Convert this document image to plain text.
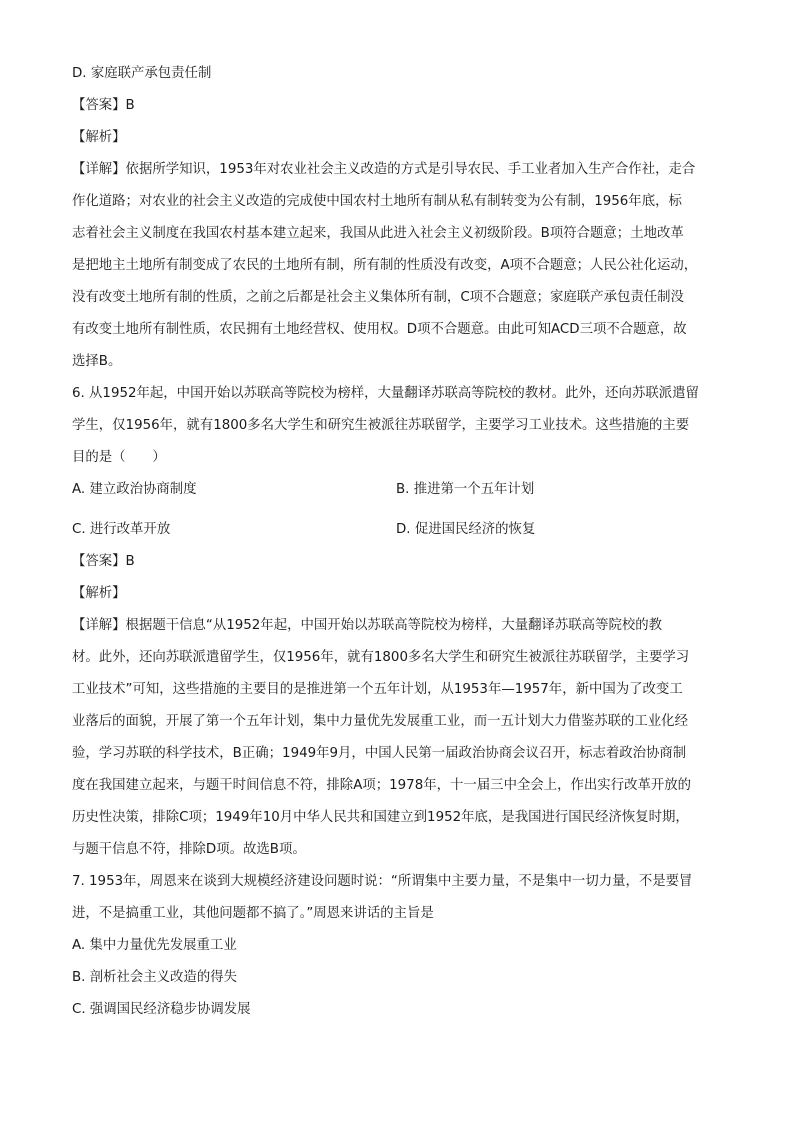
D. 家庭联产承包责任制
【答案】B
【解析】
【详解】依据所学知识，1953年对农业社会主义改造的方式是引导农民、手工业者加入生产合作社，走合
作化道路；对农业的社会主义改造的完成使中国农村土地所有制从私有制转变为公有制，1956年底，标
志着社会主义制度在我国农村基本建立起来，我国从此进入社会主义初级阶段。B项符合题意；土地改革
是把地主土地所有制变成了农民的土地所有制，所有制的性质没有改变，A项不合题意；人民公社化运动，
没有改变土地所有制的性质，之前之后都是社会主义集体所有制，C项不合题意；家庭联产承包责任制没
有改变土地所有制性质，农民拥有土地经营权、使用权。D项不合题意。由此可知ACD三项不合题意，故
选择B。
6. 从1952年起，中国开始以苏联高等院校为榜样，大量翻译苏联高等院校的教材。此外，还向苏联派遣留
学生，仅1956年，就有1800多名大学生和研究生被派往苏联留学，主要学习工业技术。这些措施的主要
目的是（　　）
A. 建立政治协商制度	B. 推进第一个五年计划
C. 进行改革开放	D. 促进国民经济的恢复
【答案】B
【解析】
【详解】根据题干信息“从1952年起，中国开始以苏联高等院校为榜样，大量翻译苏联高等院校的教
材。此外，还向苏联派遣留学生，仅1956年，就有1800多名大学生和研究生被派往苏联留学，主要学习
工业技术”可知，这些措施的主要目的是推进第一个五年计划，从1953年—1957年，新中国为了改变工
业落后的面貌，开展了第一个五年计划，集中力量优先发展重工业，而一五计划大力借鉴苏联的工业化经
验，学习苏联的科学技术，B正确；1949年9月，中国人民第一届政治协商会议召开，标志着政治协商制
度在我国建立起来，与题干时间信息不符，排除A项；1978年，十一届三中全会上，作出实行改革开放的
历史性决策，排除C项；1949年10月中华人民共和国建立到1952年底，是我国进行国民经济恢复时期，
与题干信息不符，排除D项。故选B项。
7. 1953年，周恩来在谈到大规模经济建设问题时说：“所谓集中主要力量，不是集中一切力量，不是要冒
进，不是搞重工业，其他问题都不搞了。”周恩来讲话的主旨是
A. 集中力量优先发展重工业
B. 剖析社会主义改造的得失
C. 强调国民经济稳步协调发展
